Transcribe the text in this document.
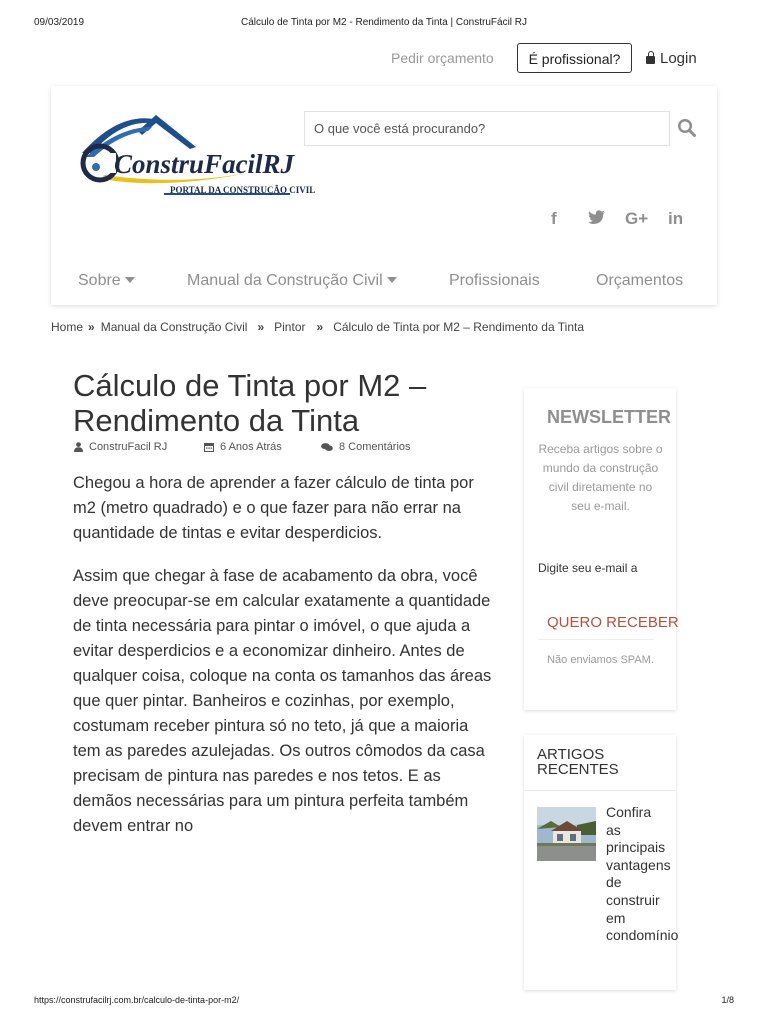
09/03/2019	Cálculo de Tinta por M2 - Rendimento da Tinta | ConstruFácil RJ
https://construfacilrj.com.br/calculo-de-tinta-por-m2/	1/8
Pedir orçamento	É profissional?	Login
ConstruFacilRJ
PORTAL DA CONSTRUÇÃO CIVIL
O que você está procurando?
f	G+ in
Sobre	Manual da Construção Civil	Profissionais	Orçamentos
Home » Manual da Construção Civil » Pintor » Cálculo de Tinta por M2 – Rendimento da Tinta
Cálculo de Tinta por M2 – Rendimento da Tinta
ConstruFacil RJ	6 Anos Atrás	8 Comentários

Chegou a hora de aprender a fazer cálculo de tinta por m2 (metro quadrado) e o que fazer para não errar na quantidade de tintas e evitar desperdicios.

Assim que chegar à fase de acabamento da obra, você deve preocupar-se em calcular exatamente a quantidade de tinta necessária para pintar o imóvel, o que ajuda a evitar desperdicios e a economizar dinheiro. Antes de qualquer coisa, coloque na conta os tamanhos das áreas que quer pintar. Banheiros e cozinhas, por exemplo, costumam receber pintura só no teto, já que a maioria tem as paredes azulejadas. Os outros cômodos da casa precisam de pintura nas paredes e nos tetos. E as demãos necessárias para um pintura perfeita também devem entrar no

NEWSLETTER
Receba artigos sobre o mundo da construção civil diretamente no seu e-mail.
Digite seu e-mail a
QUERO RECEBER
Não enviamos SPAM.
ARTIGOS RECENTES
Confira as principais vantagens de construir em condomínio
